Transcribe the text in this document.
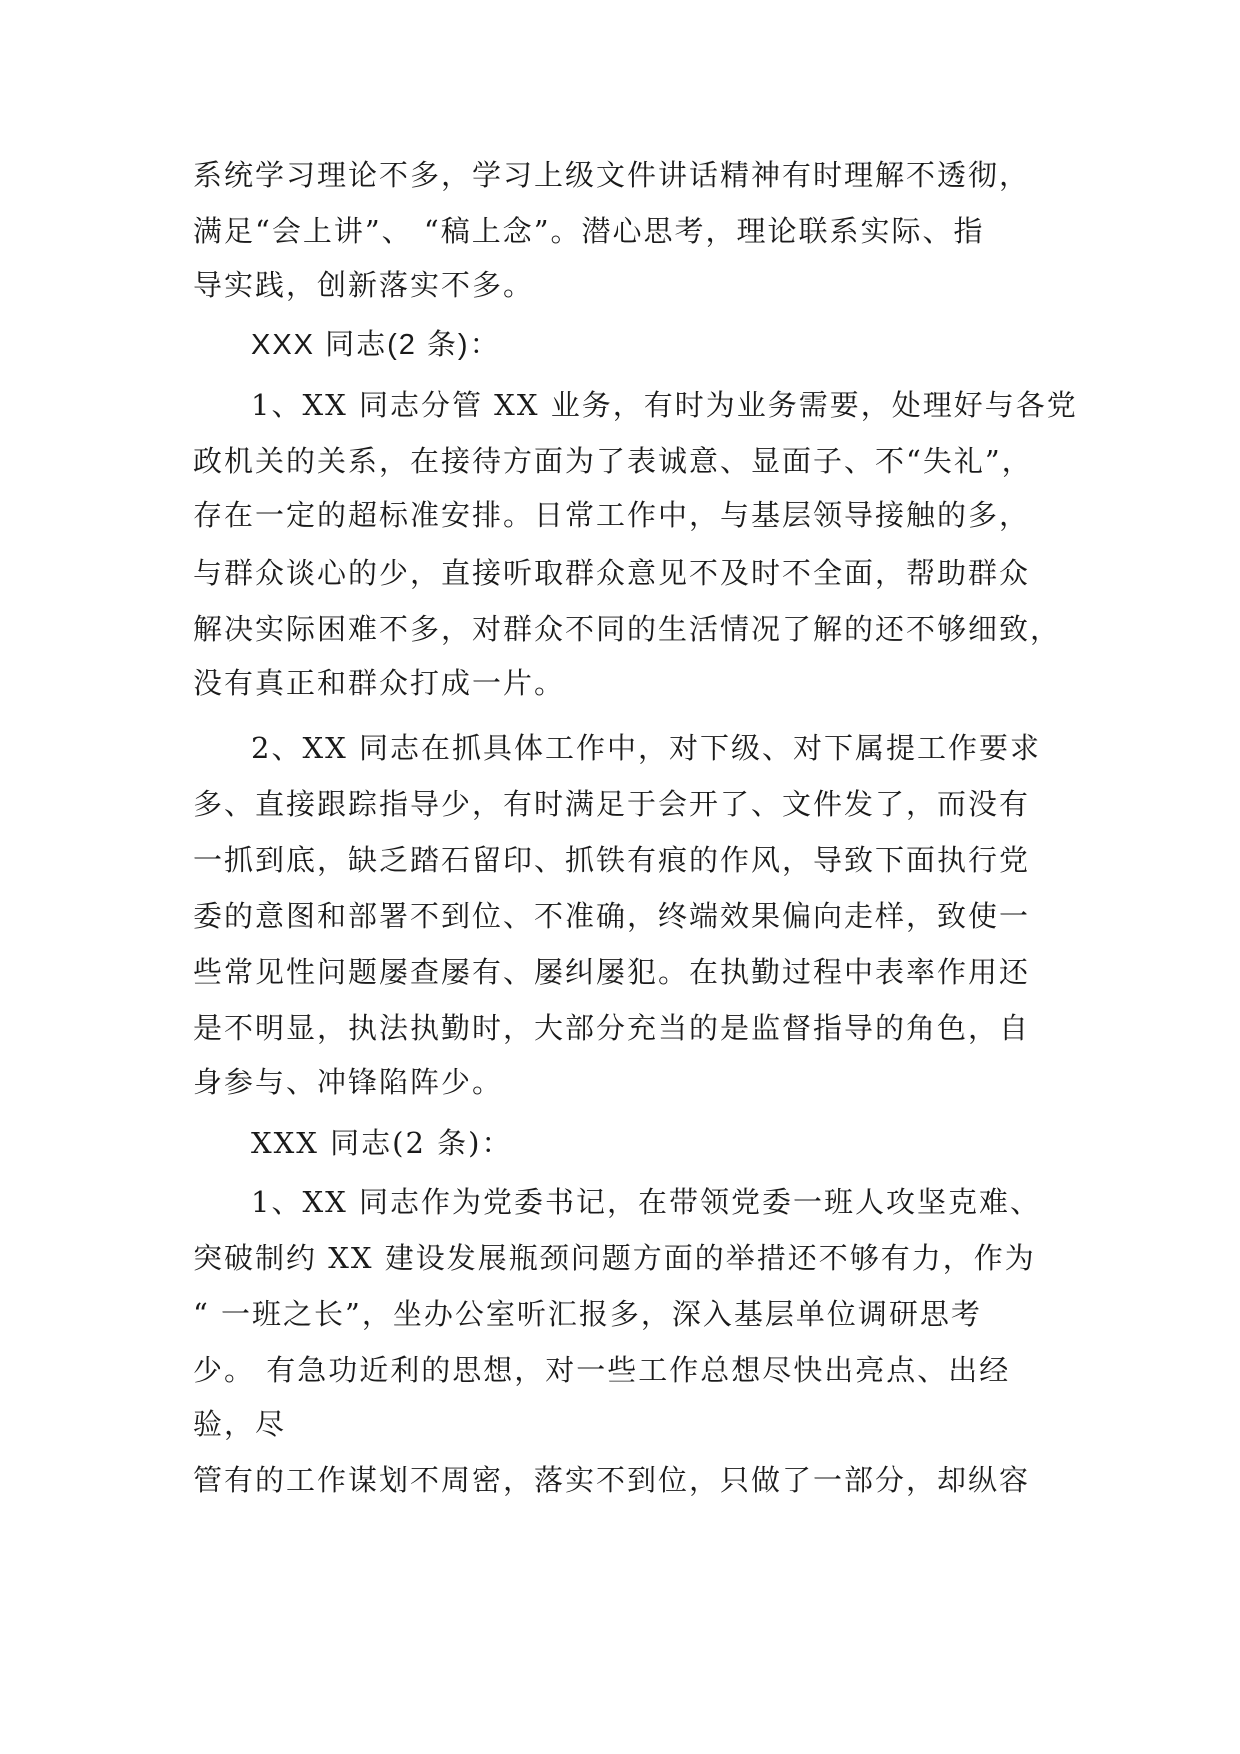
系统学习理论不多，学习上级文件讲话精神有时理解不透彻，
满足“会上讲”、 “稿上念”。潜心思考，理论联系实际、指
导实践，创新落实不多。
XXX 同志(2 条)：
1、XX 同志分管 XX 业务，有时为业务需要，处理好与各党
政机关的关系，在接待方面为了表诚意、显面子、不“失礼”，
存在一定的超标准安排。日常工作中，与基层领导接触的多，
与群众谈心的少，直接听取群众意见不及时不全面，帮助群众
解决实际困难不多，对群众不同的生活情况了解的还不够细致，
没有真正和群众打成一片。
2、XX 同志在抓具体工作中，对下级、对下属提工作要求
多、直接跟踪指导少，有时满足于会开了、文件发了，而没有
一抓到底，缺乏踏石留印、抓铁有痕的作风，导致下面执行党
委的意图和部署不到位、不准确，终端效果偏向走样，致使一
些常见性问题屡查屡有、屡纠屡犯。在执勤过程中表率作用还
是不明显，执法执勤时，大部分充当的是监督指导的角色，自
身参与、冲锋陷阵少。
XXX 同志(2 条)：
1、XX 同志作为党委书记，在带领党委一班人攻坚克难、
突破制约 XX 建设发展瓶颈问题方面的举措还不够有力，作为
“ 一班之长”，坐办公室听汇报多，深入基层单位调研思考
少。 有急功近利的思想，对一些工作总想尽快出亮点、出经
验，尽
管有的工作谋划不周密，落实不到位，只做了一部分，却纵容
